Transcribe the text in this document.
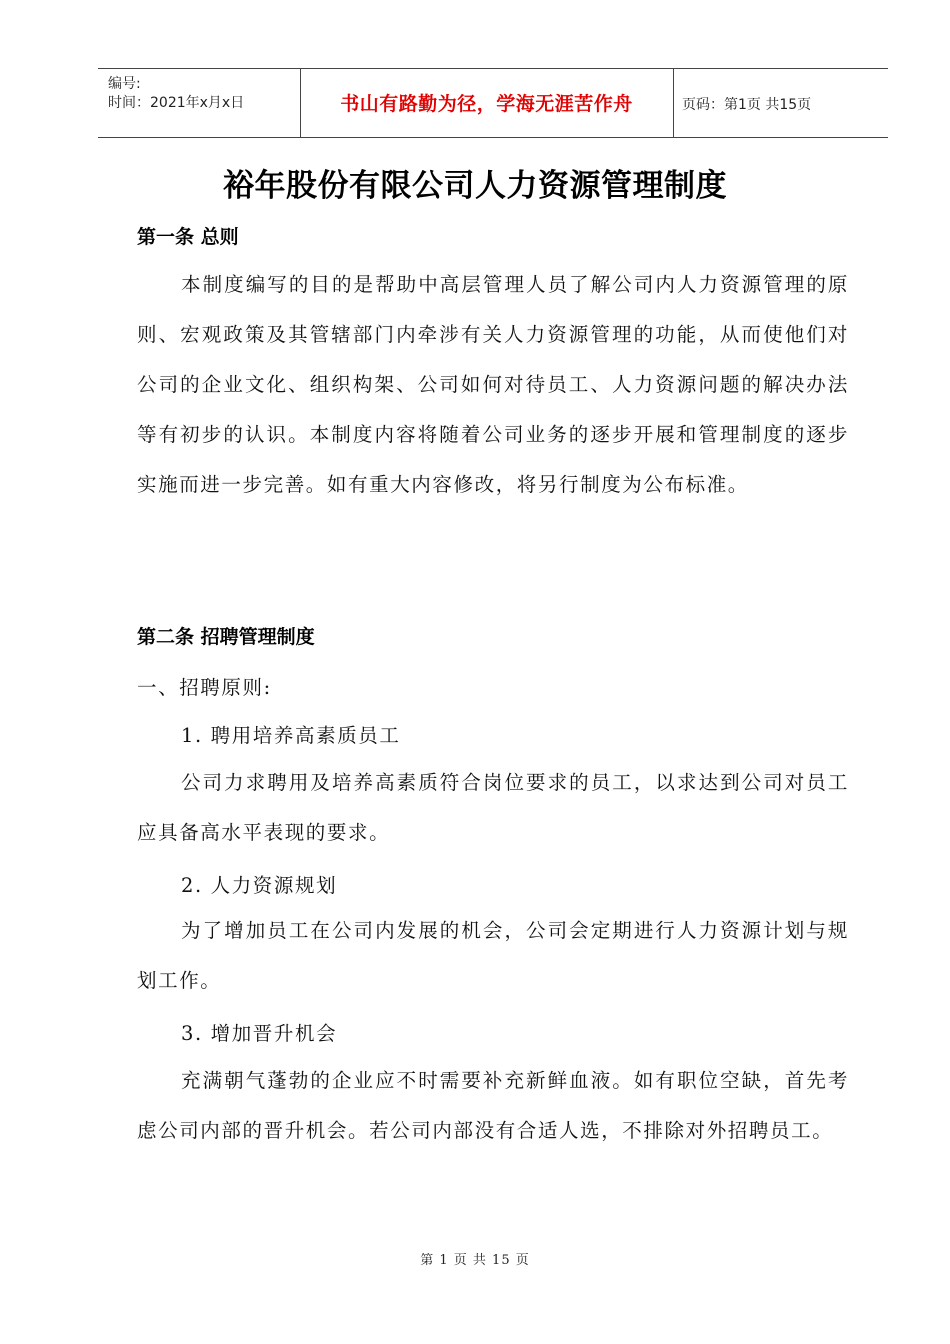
编号:
时间：2021年x月x日	书山有路勤为径，学海无涯苦作舟	页码：第1页 共15页
裕年股份有限公司人力资源管理制度
第一条 总则
本制度编写的目的是帮助中高层管理人员了解公司内人力资源管理的原则、宏观政策及其管辖部门内牵涉有关人力资源管理的功能，从而使他们对公司的企业文化、组织构架、公司如何对待员工、人力资源问题的解决办法等有初步的认识。本制度内容将随着公司业务的逐步开展和管理制度的逐步实施而进一步完善。如有重大内容修改，将另行制度为公布标准。
第二条 招聘管理制度
一、招聘原则:
1. 聘用培养高素质员工
公司力求聘用及培养高素质符合岗位要求的员工，以求达到公司对员工应具备高水平表现的要求。
2. 人力资源规划
为了增加员工在公司内发展的机会，公司会定期进行人力资源计划与规划工作。
3. 增加晋升机会
充满朝气蓬勃的企业应不时需要补充新鲜血液。如有职位空缺，首先考虑公司内部的晋升机会。若公司内部没有合适人选，不排除对外招聘员工。
第 1 页 共 15 页
